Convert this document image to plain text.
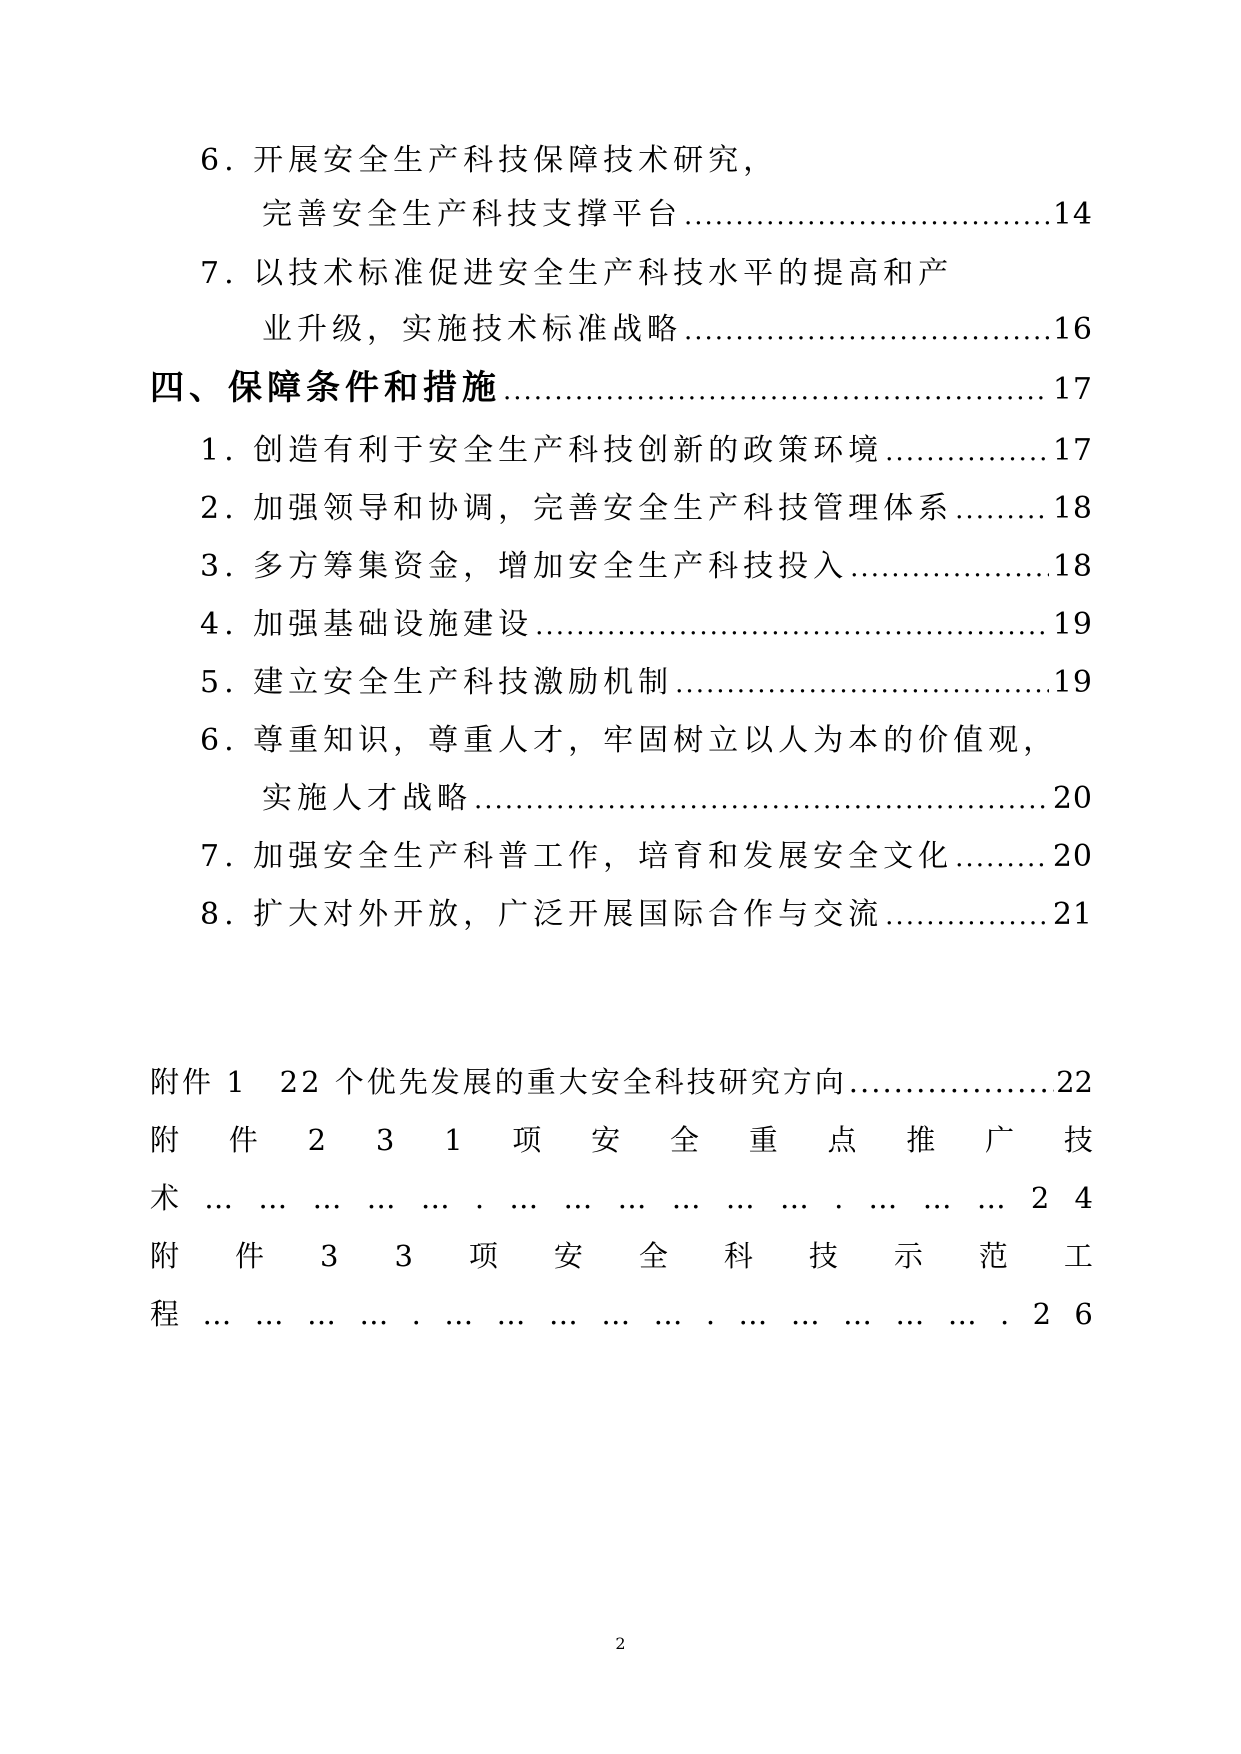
6. 开展安全生产科技保障技术研究，
完善安全生产科技支撑平台 .....	14
7. 以技术标准促进安全生产科技水平的提高和产
业升级，实施技术标准战略 .....	16
四、保障条件和措施 .....	17
1. 创造有利于安全生产科技创新的政策环境 .....	17
2. 加强领导和协调，完善安全生产科技管理体系 .....	18
3. 多方筹集资金，增加安全生产科技投入 .....	18
4. 加强基础设施建设 .....	19
5. 建立安全生产科技激励机制 .....	19
6. 尊重知识，尊重人才，牢固树立以人为本的价值观，
实施人才战略 .....	20
7. 加强安全生产科普工作，培育和发展安全文化 .....	20
8. 扩大对外开放，广泛开展国际合作与交流 .....	21
附件 1　22 个优先发展的重大安全科技研究方向 .....	22
附 件 2 3 1 项 安 全 重 点 推 广 技
术 … … … … … . … … … … … … . … … … 2 4
附 件 3 3 项 安 全 科 技 示 范 工
程 … … … … . … … … … … . … … … … … . 2 6
2
